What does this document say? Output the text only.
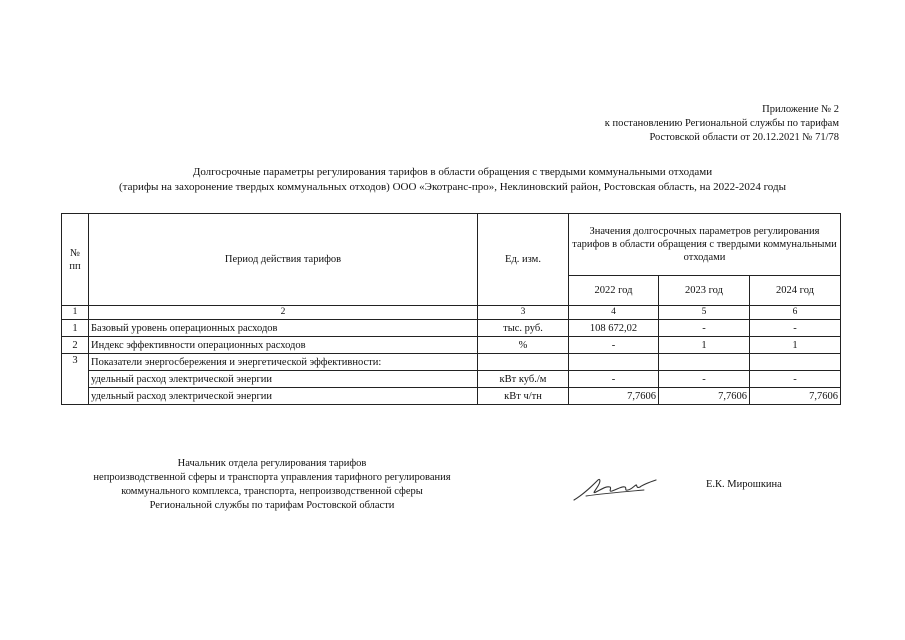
Приложение № 2
к постановлению Региональной службы по тарифам
Ростовской области от 20.12.2021 № 71/78
Долгосрочные параметры регулирования тарифов в области обращения с твердыми коммунальными отходами
(тарифы на захоронение твердых коммунальных отходов) ООО «Экотранс-про», Неклиновский район, Ростовская область, на 2022-2024 годы
№ пп	Период действия тарифов	Ед. изм.	Значения долгосрочных параметров регулирования тарифов в области обращения с твердыми коммунальными отходами		
			2022 год	2023 год	2024 год
1	2	3	4	5	6
1	Базовый уровень операционных расходов	тыс. руб.	108 672,02	-	-
2	Индекс эффективности операционных расходов	%	-	1	1
3	Показатели энергосбережения и энергетической эффективности:				
	удельный расход электрической энергии	кВт куб./м	-	-	-
	удельный расход электрической энергии	кВт ч/тн	7,7606	7,7606	7,7606
Начальник отдела регулирования тарифов
непроизводственной сферы и транспорта управления тарифного регулирования
коммунального комплекса, транспорта, непроизводственной сферы
Региональной службы по тарифам Ростовской области
Е.К. Мирошкина
